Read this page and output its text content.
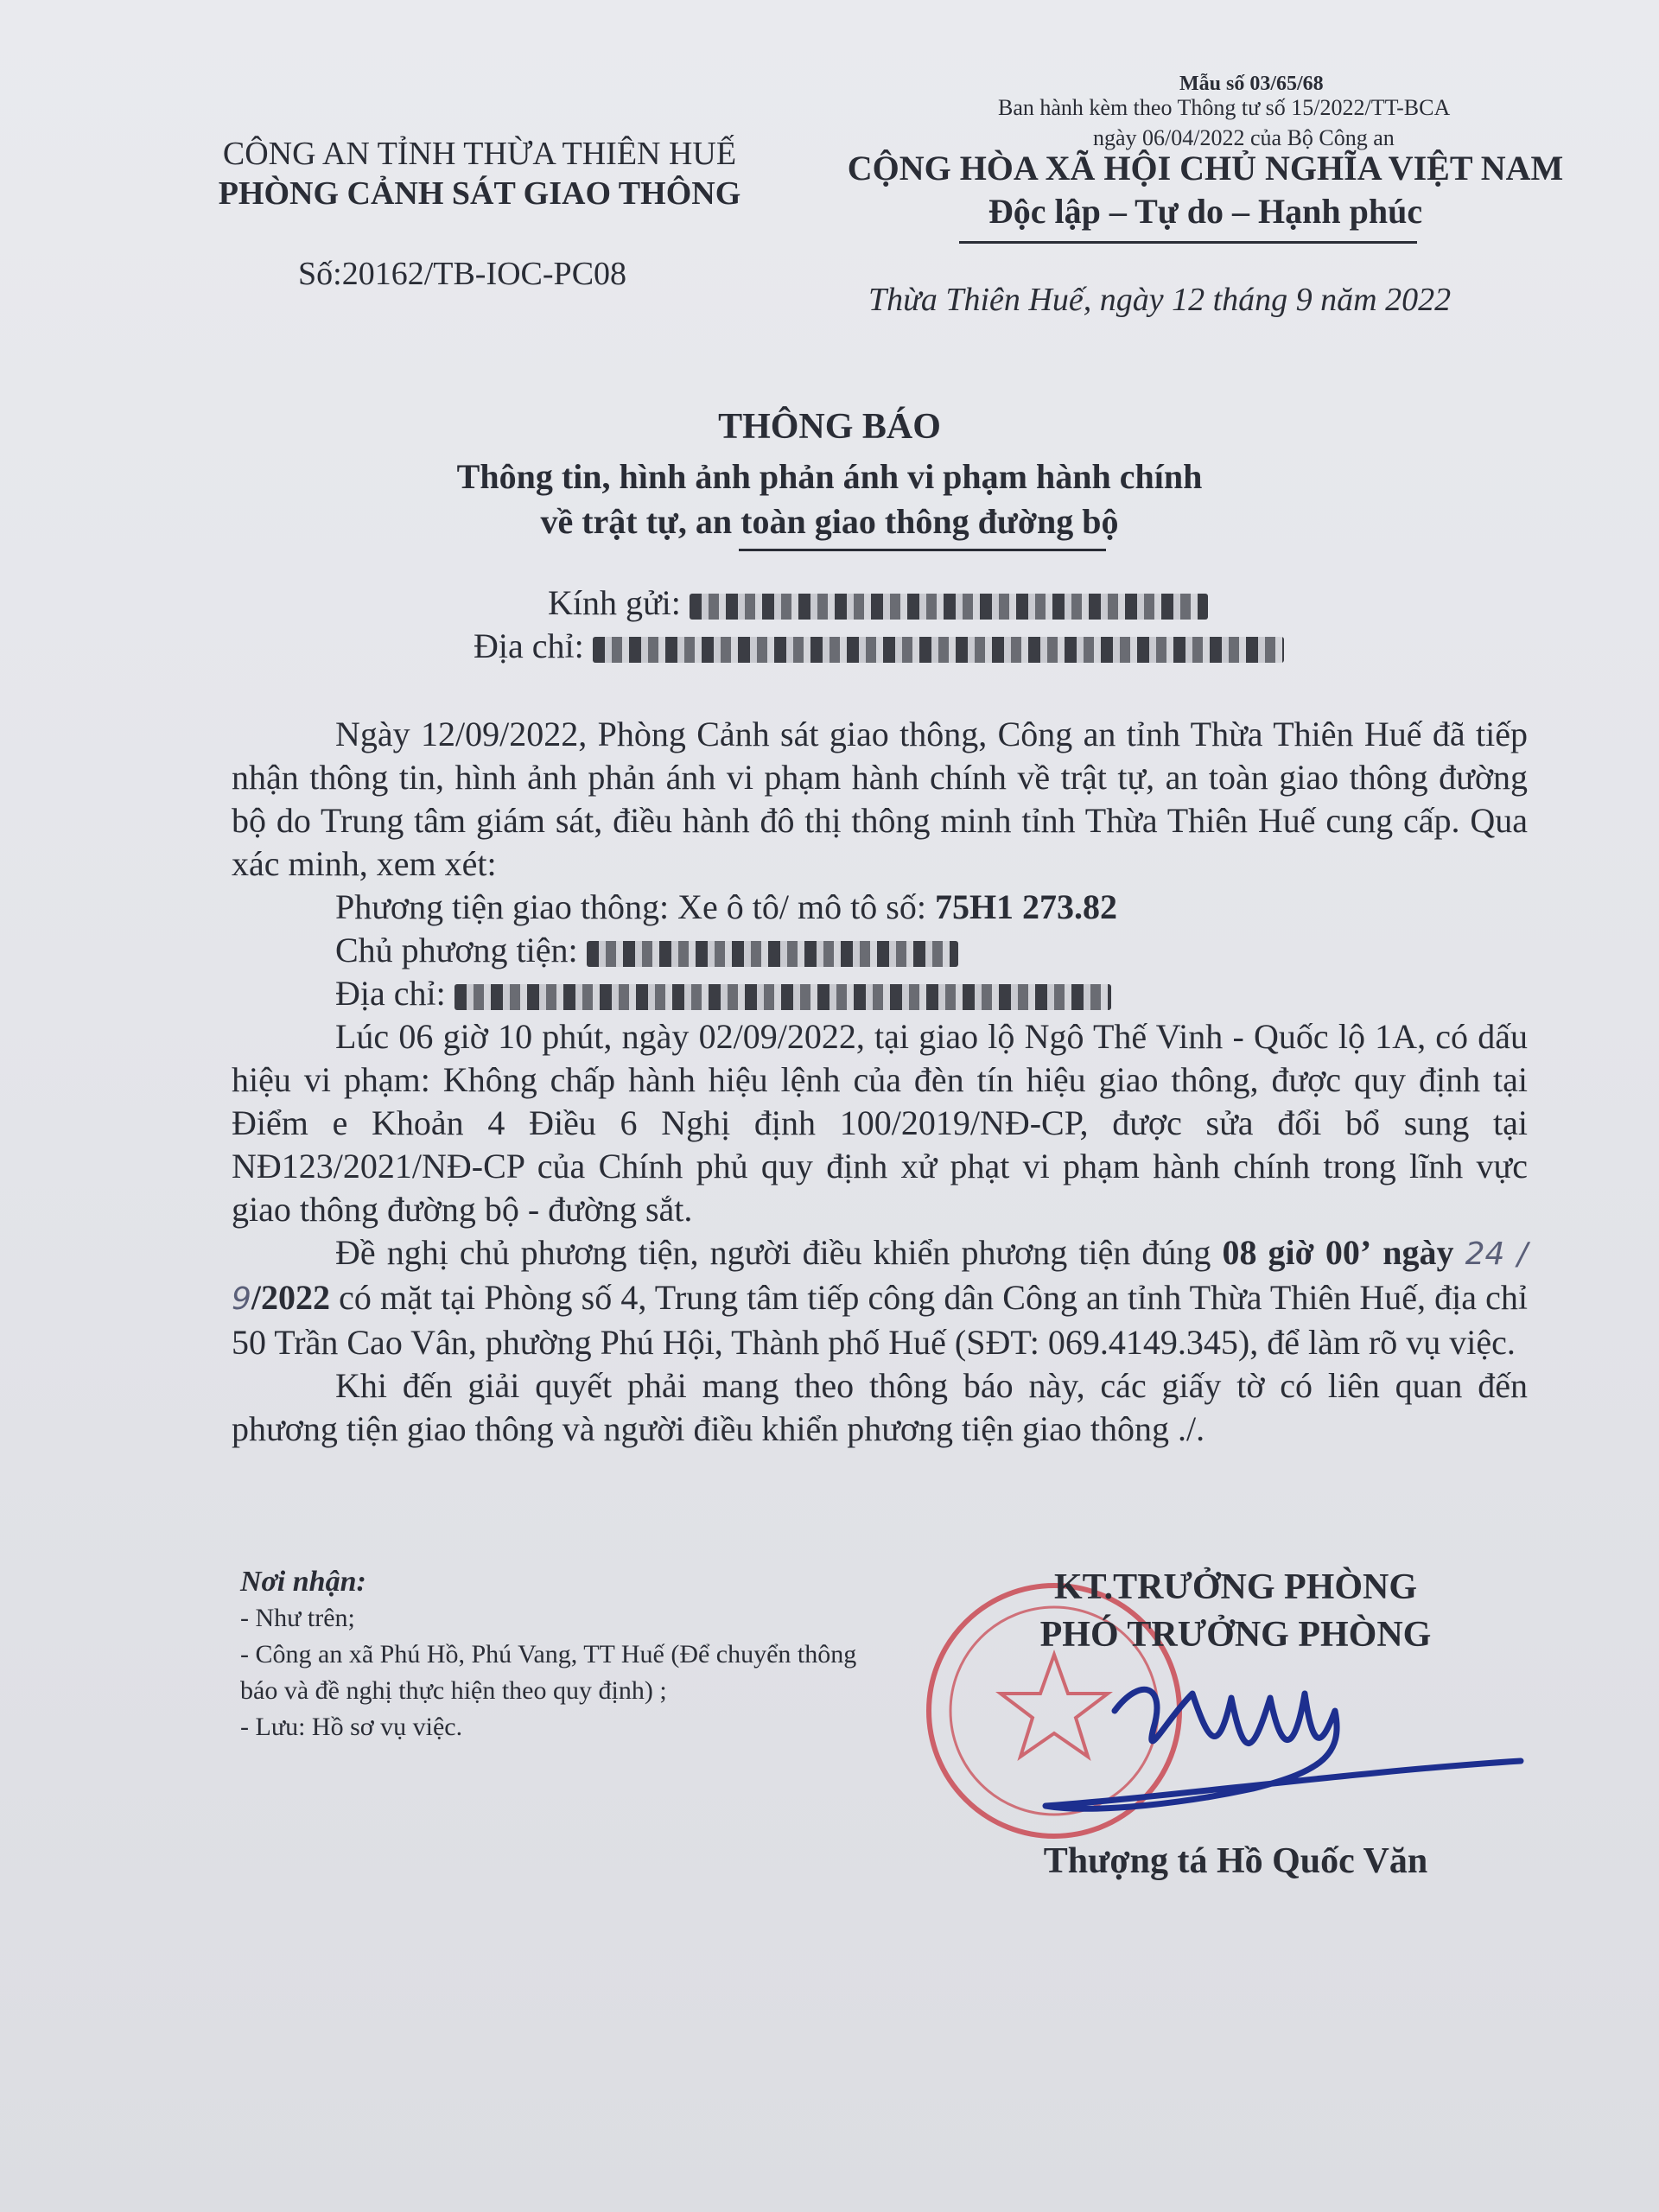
Mẫu số 03/65/68
Ban hành kèm theo Thông tư số 15/2022/TT-BCA
ngày 06/04/2022 của Bộ Công an
CÔNG AN TỈNH THỪA THIÊN HUẾ
PHÒNG CẢNH SÁT GIAO THÔNG
Số:20162/TB-IOC-PC08
CỘNG HÒA XÃ HỘI CHỦ NGHĨA VIỆT NAM
Độc lập – Tự do – Hạnh phúc
Thừa Thiên Huế, ngày 12 tháng 9 năm 2022
THÔNG BÁO
Thông tin, hình ảnh phản ánh vi phạm hành chính
về trật tự, an toàn giao thông đường bộ
Kính gửi:
Địa chỉ:

Ngày 12/09/2022, Phòng Cảnh sát giao thông, Công an tỉnh Thừa Thiên Huế đã tiếp nhận thông tin, hình ảnh phản ánh vi phạm hành chính về trật tự, an toàn giao thông đường bộ do Trung tâm giám sát, điều hành đô thị thông minh tỉnh Thừa Thiên Huế cung cấp. Qua xác minh, xem xét:

Phương tiện giao thông: Xe ô tô/ mô tô số: 75H1 273.82

Chủ phương tiện:

Địa chỉ:

Lúc 06 giờ 10 phút, ngày 02/09/2022, tại giao lộ Ngô Thế Vinh - Quốc lộ 1A, có dấu hiệu vi phạm: Không chấp hành hiệu lệnh của đèn tín hiệu giao thông, được quy định tại Điểm e Khoản 4 Điều 6 Nghị định 100/2019/NĐ-CP, được sửa đổi bổ sung tại NĐ123/2021/NĐ-CP của Chính phủ quy định xử phạt vi phạm hành chính trong lĩnh vực giao thông đường bộ - đường sắt.

Đề nghị chủ phương tiện, người điều khiển phương tiện đúng 08 giờ 00’ ngày 24 / 9/2022 có mặt tại Phòng số 4, Trung tâm tiếp công dân Công an tỉnh Thừa Thiên Huế, địa chỉ 50 Trần Cao Vân, phường Phú Hội, Thành phố Huế (SĐT: 069.4149.345), để làm rõ vụ việc.

Khi đến giải quyết phải mang theo thông báo này, các giấy tờ có liên quan đến phương tiện giao thông và người điều khiển phương tiện giao thông ./.

Nơi nhận:
- Như trên;
- Công an xã Phú Hồ, Phú Vang, TT Huế (Để chuyển thông báo và đề nghị thực hiện theo quy định) ;
- Lưu: Hồ sơ vụ việc.
KT.TRƯỞNG PHÒNG
PHÓ TRƯỞNG PHÒNG
Thượng tá Hồ Quốc Văn
